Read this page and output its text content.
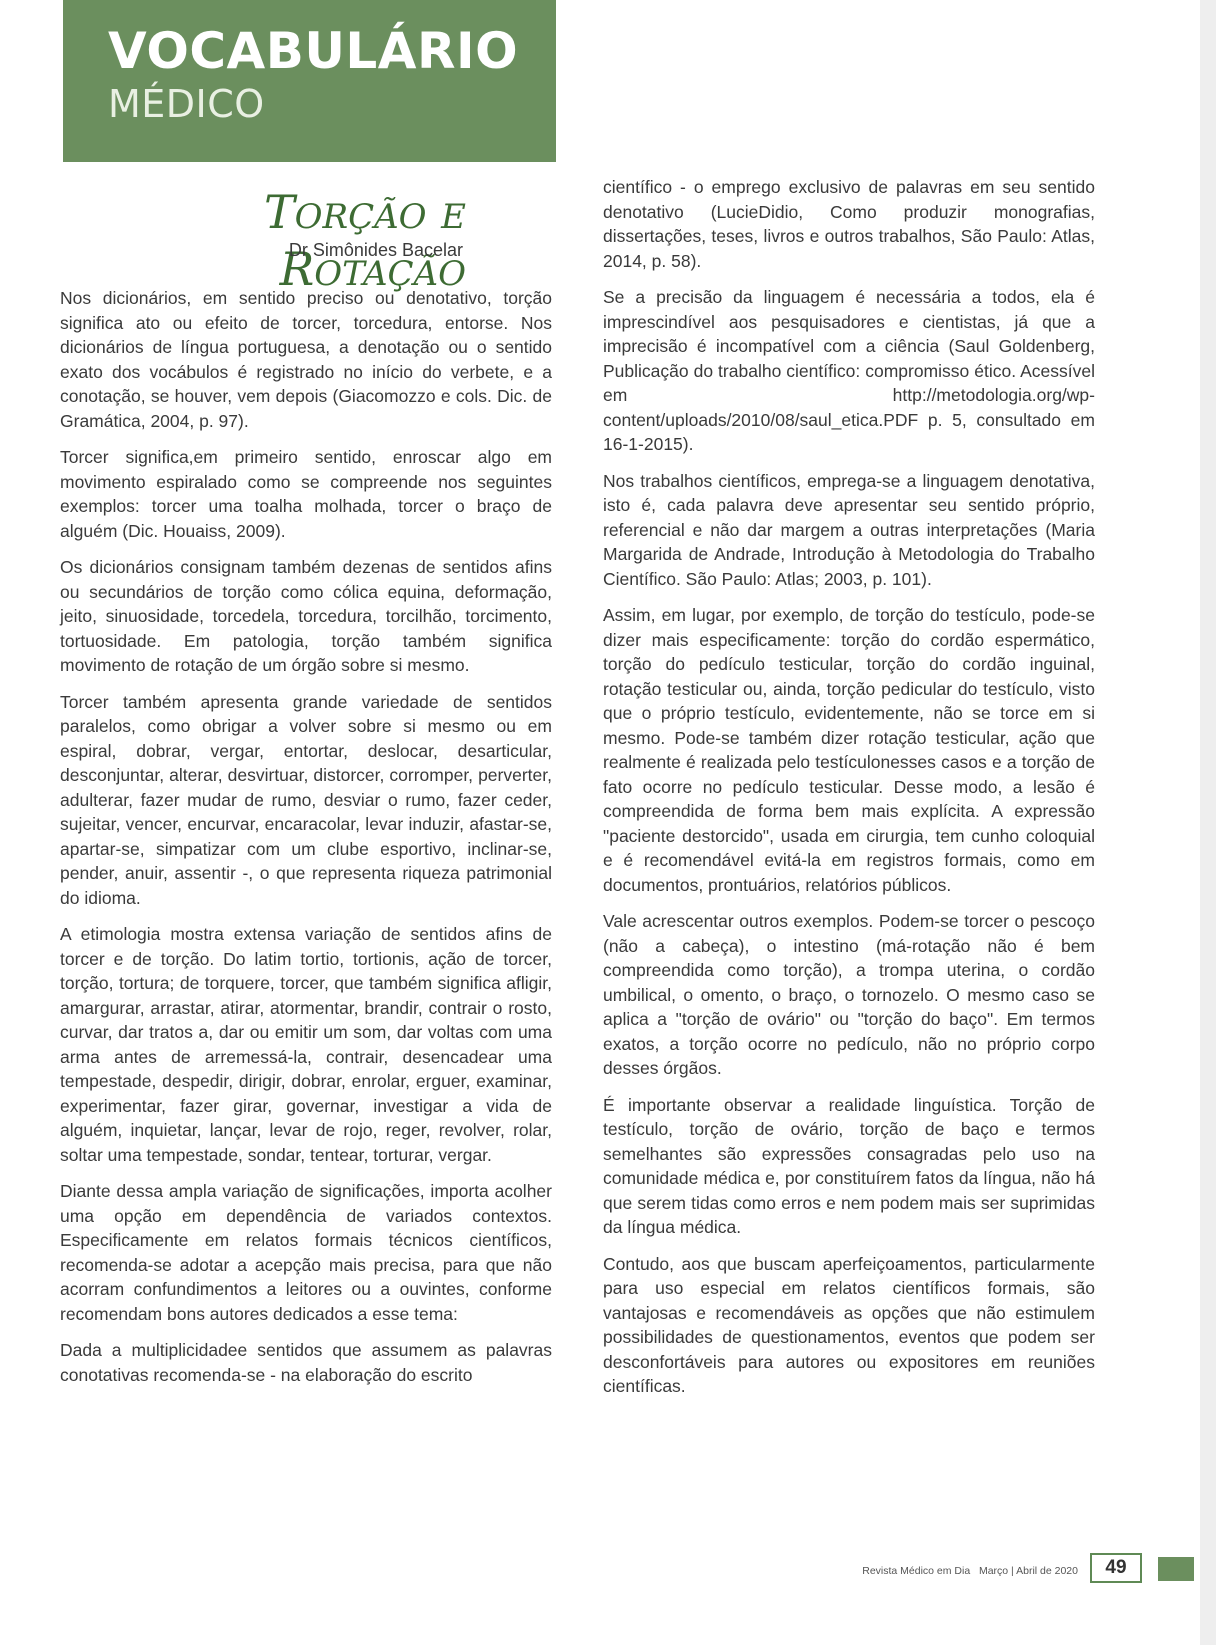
VOCABULÁRIO
MÉDICO
TORÇÃO E ROTAÇÃO
Dr Simônides Bacelar

Nos dicionários, em sentido preciso ou denotativo, torção significa ato ou efeito de torcer, torcedura, entorse. Nos dicionários de língua portuguesa, a denotação ou o sentido exato dos vocábulos é registrado no início do verbete, e a conotação, se houver, vem depois (Giacomozzo e cols. Dic. de Gramática, 2004, p. 97).

Torcer significa,em primeiro sentido, enroscar algo em movimento espiralado como se compreende nos seguintes exemplos: torcer uma toalha molhada, torcer o braço de alguém (Dic. Houaiss, 2009).

Os dicionários consignam também dezenas de sentidos afins ou secundários de torção como cólica equina, deformação, jeito, sinuosidade, torcedela, torcedura, torcilhão, torcimento, tortuosidade. Em patologia, torção também significa movimento de rotação de um órgão sobre si mesmo.

Torcer também apresenta grande variedade de sentidos paralelos, como obrigar a volver sobre si mesmo ou em espiral, dobrar, vergar, entortar, deslocar, desarticular, desconjuntar, alterar, desvirtuar, distorcer, corromper, perverter, adulterar, fazer mudar de rumo, desviar o rumo, fazer ceder, sujeitar, vencer, encurvar, encaracolar, levar induzir, afastar-se, apartar-se, simpatizar com um clube esportivo, inclinar-se, pender, anuir, assentir -, o que representa riqueza patrimonial do idioma.

A etimologia mostra extensa variação de sentidos afins de torcer e de torção. Do latim tortio, tortionis, ação de torcer, torção, tortura; de torquere, torcer, que também significa afligir, amargurar, arrastar, atirar, atormentar, brandir, contrair o rosto, curvar, dar tratos a, dar ou emitir um som, dar voltas com uma arma antes de arremessá-la, contrair, desencadear uma tempestade, despedir, dirigir, dobrar, enrolar, erguer, examinar, experimentar, fazer girar, governar, investigar a vida de alguém, inquietar, lançar, levar de rojo, reger, revolver, rolar, soltar uma tempestade, sondar, tentear, torturar, vergar.

Diante dessa ampla variação de significações, importa acolher uma opção em dependência de variados contextos. Especificamente em relatos formais técnicos científicos, recomenda-se adotar a acepção mais precisa, para que não acorram confundimentos a leitores ou a ouvintes, conforme recomendam bons autores dedicados a esse tema:

Dada a multiplicidadee sentidos que assumem as palavras conotativas recomenda-se - na elaboração do escrito

científico - o emprego exclusivo de palavras em seu sentido denotativo (LucieDidio, Como produzir monografias, dissertações, teses, livros e outros trabalhos, São Paulo: Atlas, 2014, p. 58).

Se a precisão da linguagem é necessária a todos, ela é imprescindível aos pesquisadores e cientistas, já que a imprecisão é incompatível com a ciência (Saul Goldenberg, Publicação do trabalho científico: compromisso ético. Acessível em http://metodologia.org/wp-content/uploads/2010/08/saul_etica.PDF p. 5, consultado em 16-1-2015).

Nos trabalhos científicos, emprega-se a linguagem denotativa, isto é, cada palavra deve apresentar seu sentido próprio, referencial e não dar margem a outras interpretações (Maria Margarida de Andrade, Introdução à Metodologia do Trabalho Científico. São Paulo: Atlas; 2003, p. 101).

Assim, em lugar, por exemplo, de torção do testículo, pode-se dizer mais especificamente: torção do cordão espermático, torção do pedículo testicular, torção do cordão inguinal, rotação testicular ou, ainda, torção pedicular do testículo, visto que o próprio testículo, evidentemente, não se torce em si mesmo. Pode-se também dizer rotação testicular, ação que realmente é realizada pelo testículonesses casos e a torção de fato ocorre no pedículo testicular. Desse modo, a lesão é compreendida de forma bem mais explícita. A expressão "paciente destorcido", usada em cirurgia, tem cunho coloquial e é recomendável evitá-la em registros formais, como em documentos, prontuários, relatórios públicos.

Vale acrescentar outros exemplos. Podem-se torcer o pescoço (não a cabeça), o intestino (má-rotação não é bem compreendida como torção), a trompa uterina, o cordão umbilical, o omento, o braço, o tornozelo. O mesmo caso se aplica a "torção de ovário" ou "torção do baço". Em termos exatos, a torção ocorre no pedículo, não no próprio corpo desses órgãos.

É importante observar a realidade linguística. Torção de testículo, torção de ovário, torção de baço e termos semelhantes são expressões consagradas pelo uso na comunidade médica e, por constituírem fatos da língua, não há que serem tidas como erros e nem podem mais ser suprimidas da língua médica.

Contudo, aos que buscam aperfeiçoamentos, particularmente para uso especial em relatos científicos formais, são vantajosas e recomendáveis as opções que não estimulem possibilidades de questionamentos, eventos que podem ser desconfortáveis para autores ou expositores em reuniões científicas.

Revista Médico em Dia Março | Abril de 2020	49
